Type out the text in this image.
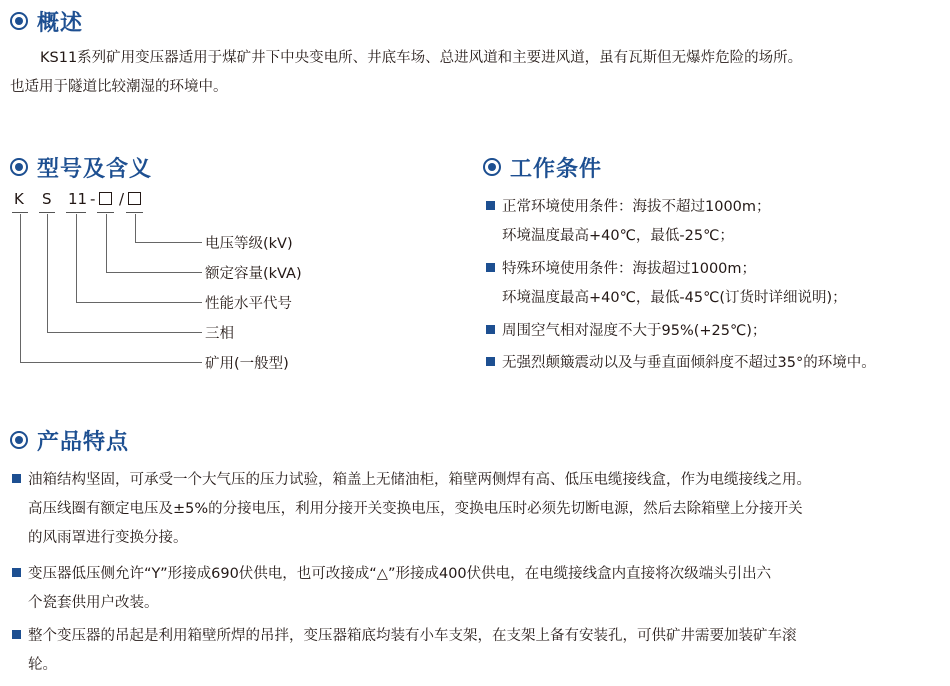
概述
KS11系列矿用变压器适用于煤矿井下中央变电所、井底车场、总进风道和主要进风道，虽有瓦斯但无爆炸危险的场所。
也适用于隧道比较潮湿的环境中。
型号及含义
K S 11 - /
电压等级(kV)
额定容量(kVA)
性能水平代号
三相
矿用(一般型)
工作条件
正常环境使用条件：海拔不超过1000m；
环境温度最高+40℃，最低-25℃；
特殊环境使用条件：海拔超过1000m；
环境温度最高+40℃，最低-45℃(订货时详细说明)；
周围空气相对湿度不大于95%(+25℃)；
无强烈颠簸震动以及与垂直面倾斜度不超过35°的环境中。
产品特点
油箱结构坚固，可承受一个大气压的压力试验，箱盖上无储油柜，箱壁两侧焊有高、低压电缆接线盒，作为电缆接线之用。
高压线圈有额定电压及±5%的分接电压，利用分接开关变换电压，变换电压时必须先切断电源，然后去除箱壁上分接开关
的风雨罩进行变换分接。
变压器低压侧允许“Y”形接成690伏供电，也可改接成“△”形接成400伏供电，在电缆接线盒内直接将次级端头引出六
个瓷套供用户改装。
整个变压器的吊起是利用箱壁所焊的吊拌，变压器箱底均装有小车支架，在支架上备有安装孔，可供矿井需要加装矿车滚
轮。
